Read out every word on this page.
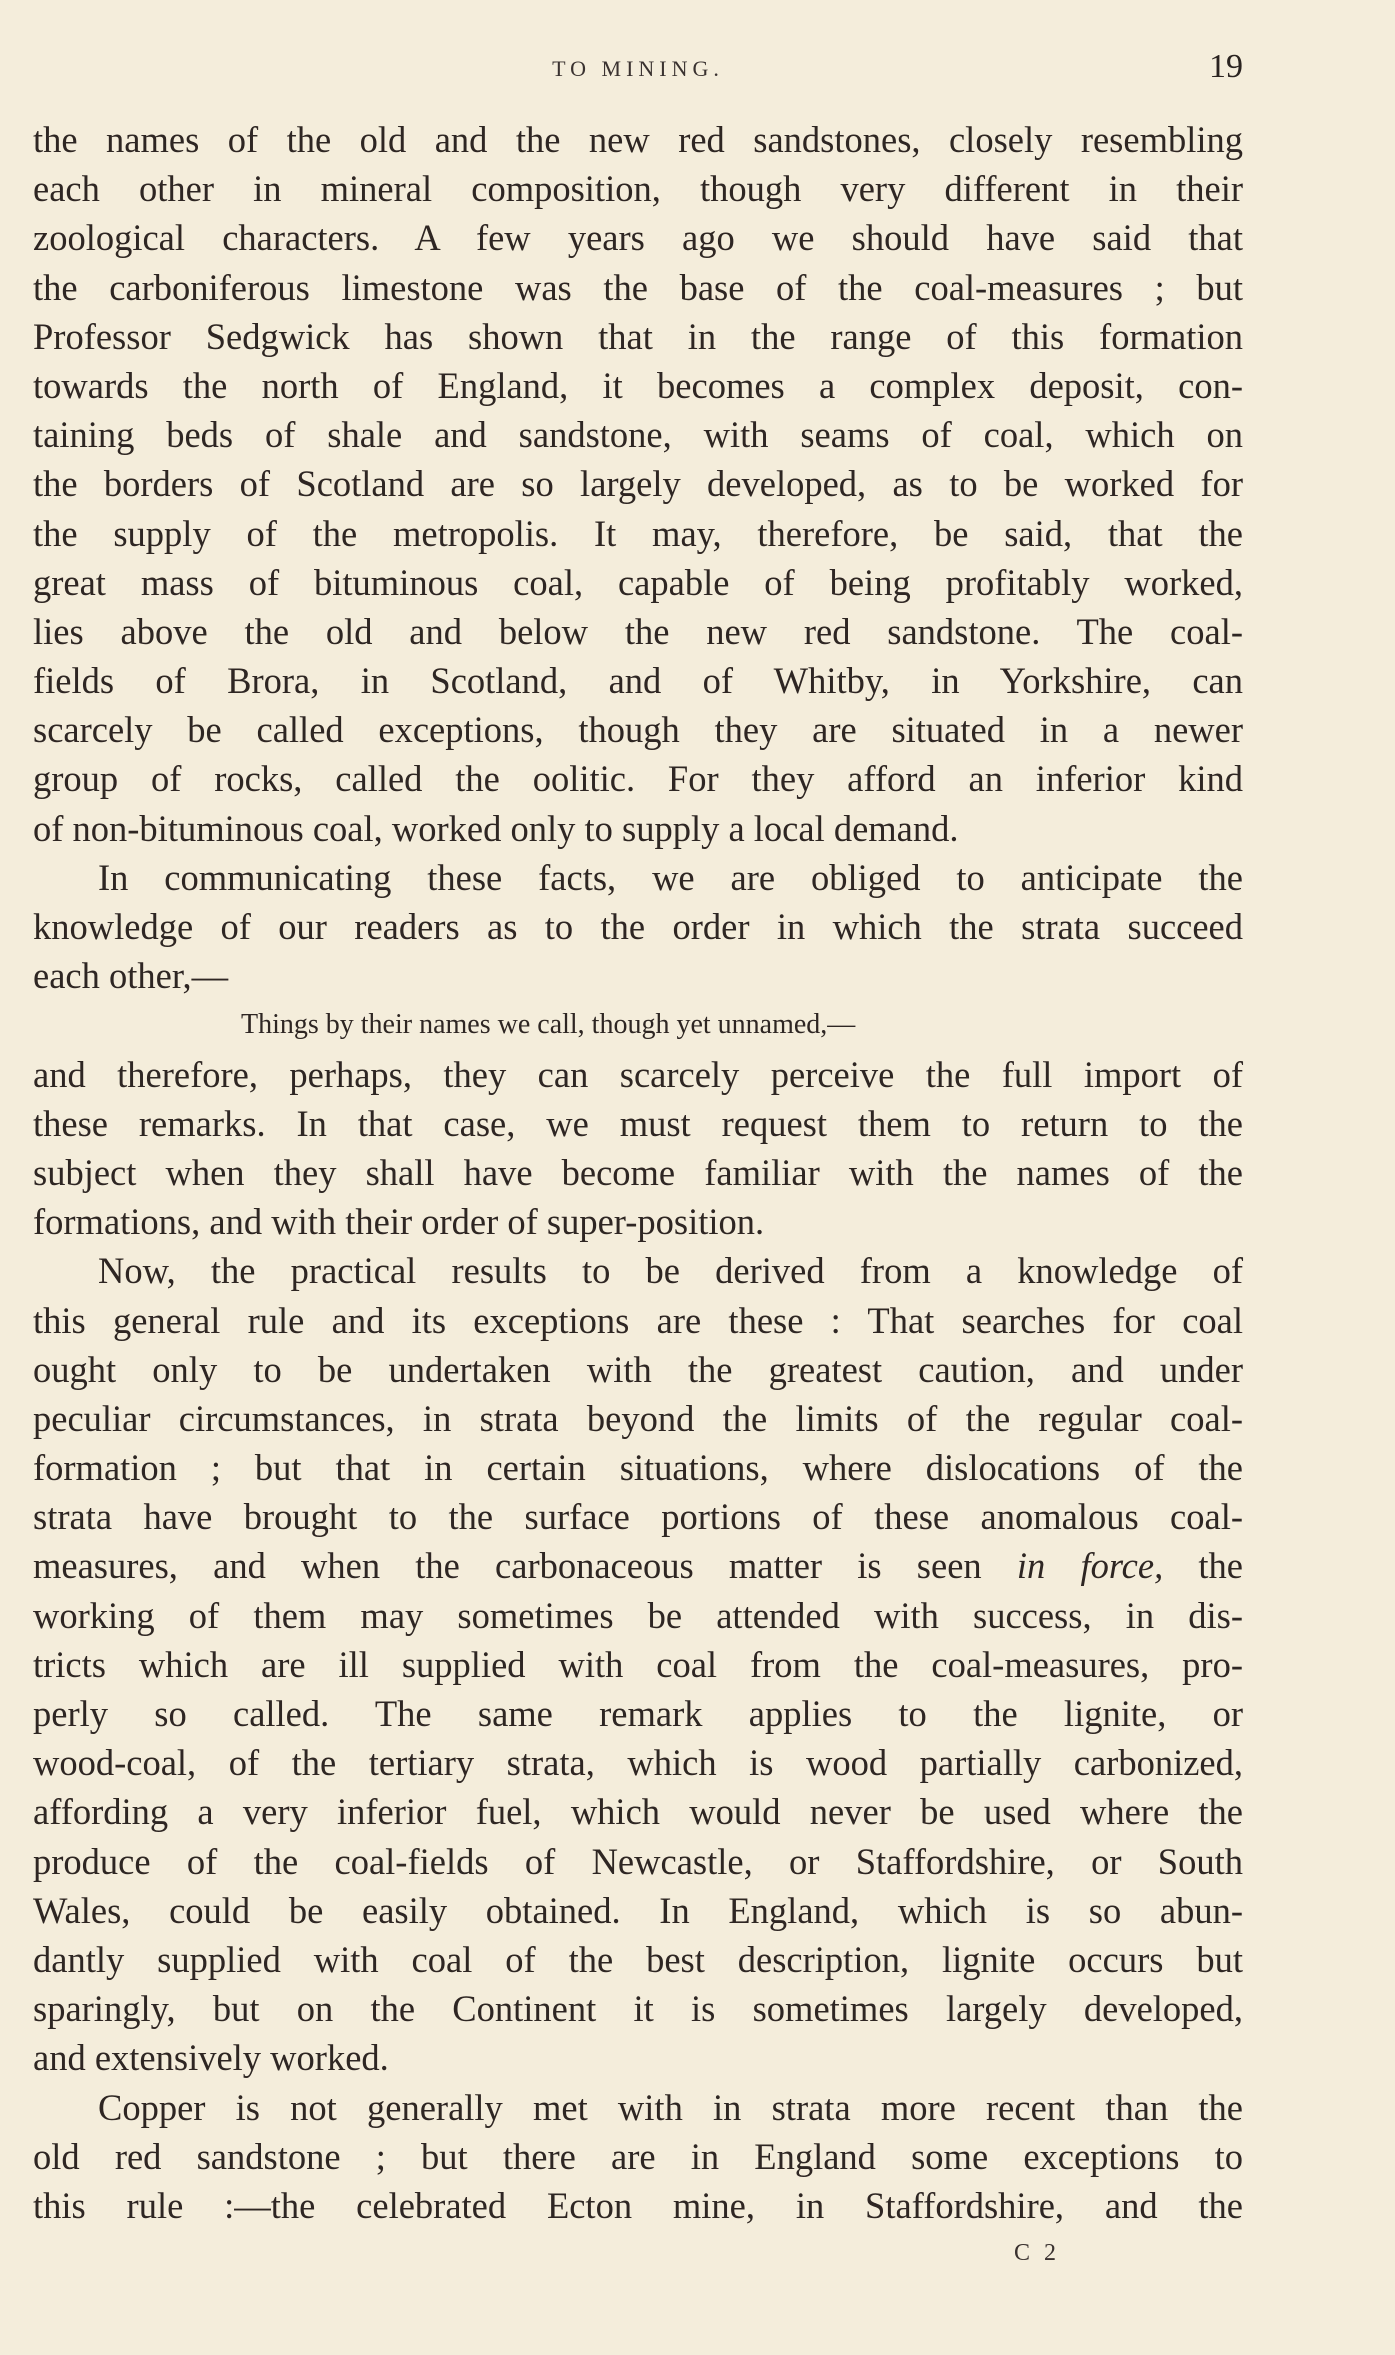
TO MINING.	19
the names of the old and the new red sandstones, closely resembling
each other in mineral composition, though very different in their
zoological characters. A few years ago we should have said that
the carboniferous limestone was the base of the coal-measures ; but
Professor Sedgwick has shown that in the range of this formation
towards the north of England, it becomes a complex deposit, con-
taining beds of shale and sandstone, with seams of coal, which on
the borders of Scotland are so largely developed, as to be worked for
the supply of the metropolis. It may, therefore, be said, that the
great mass of bituminous coal, capable of being profitably worked,
lies above the old and below the new red sandstone. The coal-
fields of Brora, in Scotland, and of Whitby, in Yorkshire, can
scarcely be called exceptions, though they are situated in a newer
group of rocks, called the oolitic. For they afford an inferior kind
of non-bituminous coal, worked only to supply a local demand.
In communicating these facts, we are obliged to anticipate the
knowledge of our readers as to the order in which the strata succeed
each other,—
Things by their names we call, though yet unnamed,—
and therefore, perhaps, they can scarcely perceive the full import of
these remarks. In that case, we must request them to return to the
subject when they shall have become familiar with the names of the
formations, and with their order of super-position.
Now, the practical results to be derived from a knowledge of
this general rule and its exceptions are these : That searches for coal
ought only to be undertaken with the greatest caution, and under
peculiar circumstances, in strata beyond the limits of the regular coal-
formation ; but that in certain situations, where dislocations of the
strata have brought to the surface portions of these anomalous coal-
measures, and when the carbonaceous matter is seen in force, the
working of them may sometimes be attended with success, in dis-
tricts which are ill supplied with coal from the coal-measures, pro-
perly so called. The same remark applies to the lignite, or
wood-coal, of the tertiary strata, which is wood partially carbonized,
affording a very inferior fuel, which would never be used where the
produce of the coal-fields of Newcastle, or Staffordshire, or South
Wales, could be easily obtained. In England, which is so abun-
dantly supplied with coal of the best description, lignite occurs but
sparingly, but on the Continent it is sometimes largely developed,
and extensively worked.
Copper is not generally met with in strata more recent than the
old red sandstone ; but there are in England some exceptions to
this rule :—the celebrated Ecton mine, in Staffordshire, and the
C 2
